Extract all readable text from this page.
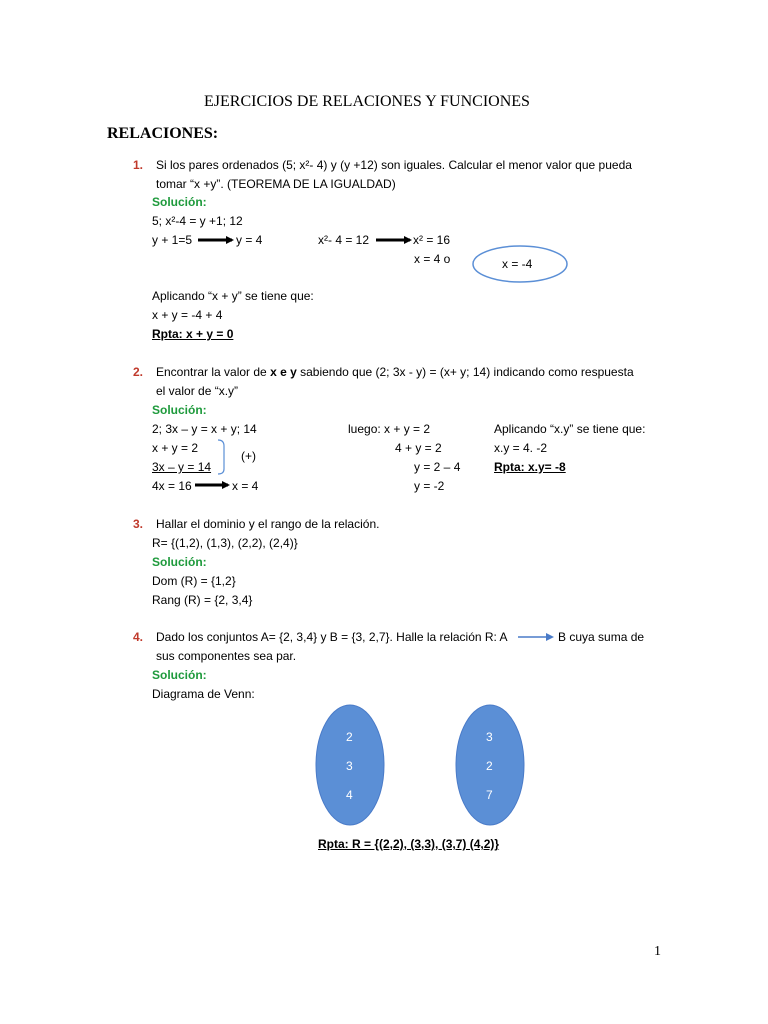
EJERCICIOS DE RELACIONES Y FUNCIONES
RELACIONES:
1. Si los pares ordenados (5; x²- 4) y (y +12) son iguales. Calcular el menor valor que pueda
tomar “x +y”. (TEOREMA DE LA IGUALDAD)
Solución:
5; x²-4 = y +1; 12
y + 1=5	y = 4	x²- 4 = 12	x² = 16
x = 4 o	x = -4
Aplicando “x + y” se tiene que:
x + y = -4 + 4
Rpta: x + y = 0
2. Encontrar la valor de x e y sabiendo que (2; 3x - y) = (x+ y; 14) indicando como respuesta
el valor de “x.y”
Solución:
2; 3x – y = x + y; 14
x + y = 2
3x – y = 14
4x = 16	x = 4
(+)
luego: x + y = 2
4 + y = 2
y = 2 – 4
y = -2
Aplicando “x.y” se tiene que:
x.y = 4. -2
Rpta: x.y= -8
3. Hallar el dominio y el rango de la relación.
R= {(1,2), (1,3), (2,2), (2,4)}
Solución:
Dom (R) = {1,2}
Rang (R) = {2, 3,4}
4. Dado los conjuntos A= {2, 3,4} y B = {3, 2,7}. Halle la relación R: A	B cuya suma de
sus componentes sea par.
Solución:
Diagrama de Venn:
2
3
4
3
2
7
Rpta: R = {(2,2), (3,3), (3,7) (4,2)}
1
